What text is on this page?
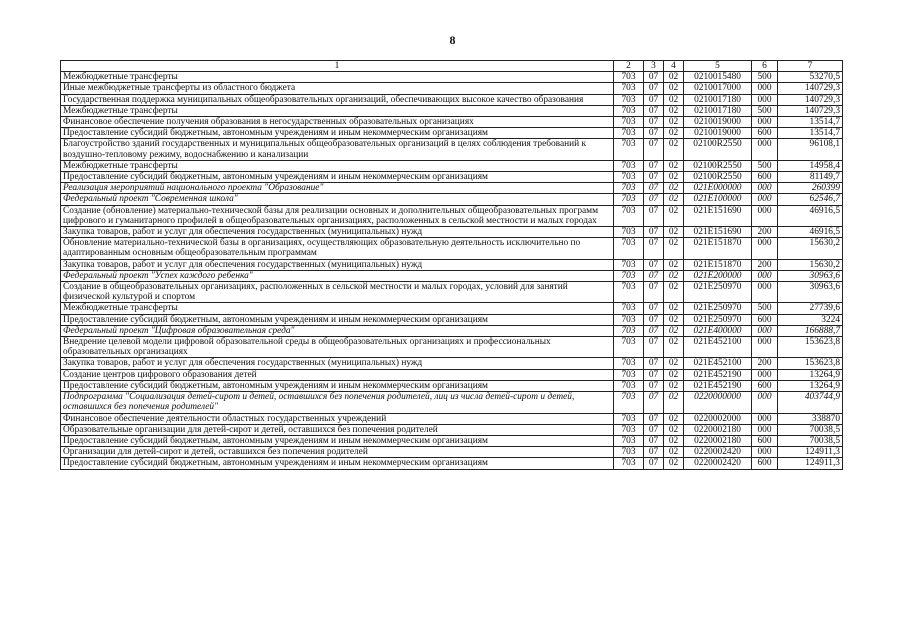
8
1	2	3	4	5	6	7
Межбюджетные трансферты	703	07	02	0210015480	500	53270,5
Иные межбюджетные трансферты из областного бюджета	703	07	02	0210017000	000	140729,3
Государственная поддержка муниципальных общеобразовательных организаций, обеспечивающих высокое качество образования	703	07	02	0210017180	000	140729,3
Межбюджетные трансферты	703	07	02	0210017180	500	140729,3
Финансовое обеспечение получения образования в негосударственных образовательных организациях	703	07	02	0210019000	000	13514,7
Предоставление субсидий бюджетным, автономным учреждениям и иным некоммерческим организациям	703	07	02	0210019000	600	13514,7
Благоустройство зданий государственных и муниципальных общеобразовательных организаций в целях соблюдения требований к воздушно-тепловому режиму, водоснабжению и канализации	703	07	02	02100R2550	000	96108,1
Межбюджетные трансферты	703	07	02	02100R2550	500	14958,4
Предоставление субсидий бюджетным, автономным учреждениям и иным некоммерческим организациям	703	07	02	02100R2550	600	81149,7
Реализация мероприятий национального проекта "Образование"	703	07	02	021E000000	000	260399
Федеральный проект "Современная школа"	703	07	02	021E100000	000	62546,7
Создание (обновление) материально-технической базы для реализации основных и дополнительных общеобразовательных программ цифрового и гуманитарного профилей в общеобразовательных организациях, расположенных в сельской местности и малых городах	703	07	02	021E151690	000	46916,5
Закупка товаров, работ и услуг для обеспечения государственных (муниципальных) нужд	703	07	02	021E151690	200	46916,5
Обновление материально-технической базы в организациях, осуществляющих образовательную деятельность исключительно по адаптированным основным общеобразовательным программам	703	07	02	021E151870	000	15630,2
Закупка товаров, работ и услуг для обеспечения государственных (муниципальных) нужд	703	07	02	021E151870	200	15630,2
Федеральный проект "Успех каждого ребенка"	703	07	02	021E200000	000	30963,6
Создание в общеобразовательных организациях, расположенных в сельской местности и малых городах, условий для занятий физической культурой и спортом	703	07	02	021E250970	000	30963,6
Межбюджетные трансферты	703	07	02	021E250970	500	27739,6
Предоставление субсидий бюджетным, автономным учреждениям и иным некоммерческим организациям	703	07	02	021E250970	600	3224
Федеральный проект "Цифровая образовательная среда"	703	07	02	021E400000	000	166888,7
Внедрение целевой модели цифровой образовательной среды в общеобразовательных организациях и профессиональных образовательных организациях	703	07	02	021E452100	000	153623,8
Закупка товаров, работ и услуг для обеспечения государственных (муниципальных) нужд	703	07	02	021E452100	200	153623,8
Создание центров цифрового образования детей	703	07	02	021E452190	000	13264,9
Предоставление субсидий бюджетным, автономным учреждениям и иным некоммерческим организациям	703	07	02	021E452190	600	13264,9
Подпрограмма "Социализация детей-сирот и детей, оставшихся без попечения родителей, лиц из числа детей-сирот и детей, оставшихся без попечения родителей"	703	07	02	0220000000	000	403744,9
Финансовое обеспечение деятельности областных государственных учреждений	703	07	02	0220002000	000	338870
Образовательные организации для детей-сирот и детей, оставшихся без попечения родителей	703	07	02	0220002180	000	70038,5
Предоставление субсидий бюджетным, автономным учреждениям и иным некоммерческим организациям	703	07	02	0220002180	600	70038,5
Организации для детей-сирот и детей, оставшихся без попечения родителей	703	07	02	0220002420	000	124911,3
Предоставление субсидий бюджетным, автономным учреждениям и иным некоммерческим организациям	703	07	02	0220002420	600	124911,3
